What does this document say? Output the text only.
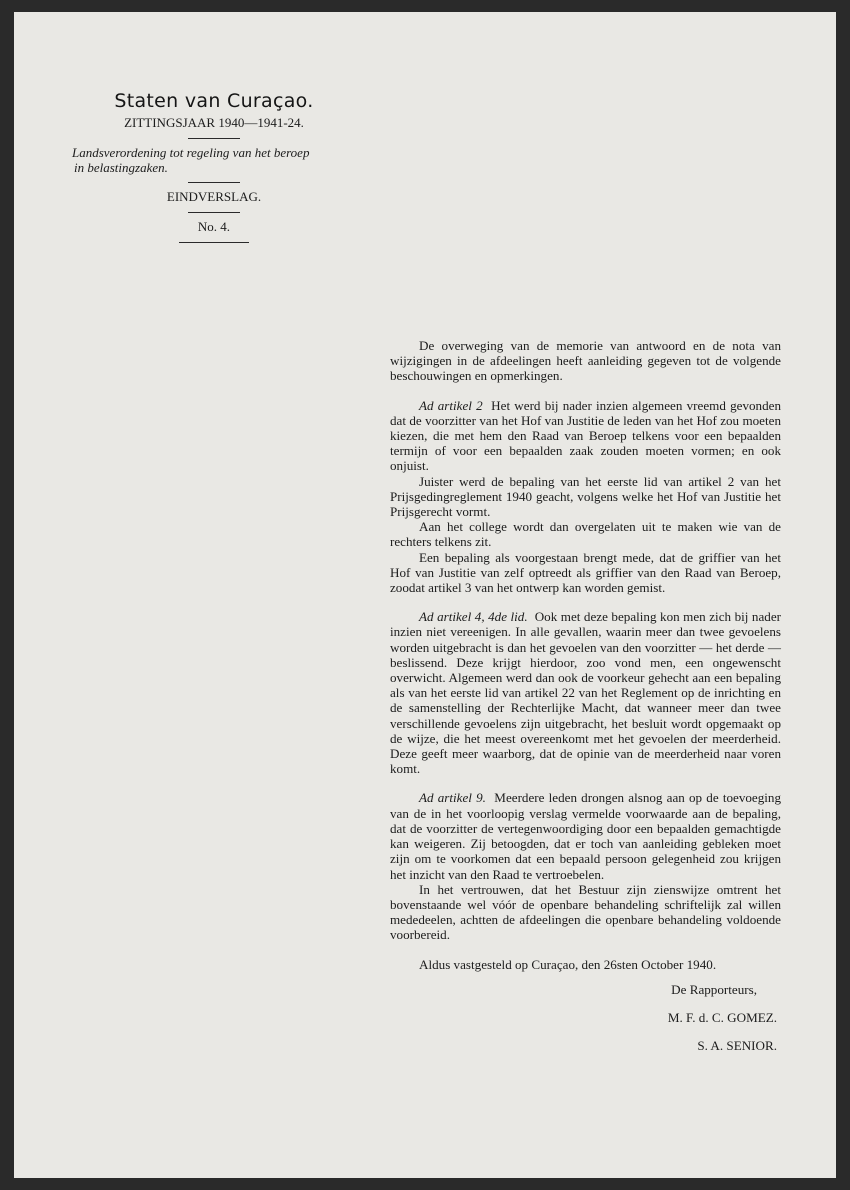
Staten van Curaçao.
ZITTINGSJAAR 1940—1941-24.
Landsverordening tot regeling van het beroep
in belastingzaken.
EINDVERSLAG.
No. 4.

De overweging van de memorie van antwoord en de nota van wijzigingen in de afdeelingen heeft aanleiding gegeven tot de volgende beschouwingen en opmerkingen.

Ad artikel 2 Het werd bij nader inzien algemeen vreemd gevonden dat de voorzitter van het Hof van Justitie de leden van het Hof zou moeten kiezen, die met hem den Raad van Beroep telkens voor een bepaalden termijn of voor een bepaalden zaak zouden moeten vormen; en ook onjuist.

Juister werd de bepaling van het eerste lid van artikel 2 van het Prijsgedingreglement 1940 geacht, volgens welke het Hof van Justitie het Prijsgerecht vormt.

Aan het college wordt dan overgelaten uit te maken wie van de rechters telkens zit.

Een bepaling als voorgestaan brengt mede, dat de griffier van het Hof van Justitie van zelf optreedt als griffier van den Raad van Beroep, zoodat artikel 3 van het ontwerp kan worden gemist.

Ad artikel 4, 4de lid. Ook met deze bepaling kon men zich bij nader inzien niet vereenigen. In alle gevallen, waarin meer dan twee gevoelens worden uitgebracht is dan het gevoelen van den voorzitter — het derde — beslissend. Deze krijgt hierdoor, zoo vond men, een ongewenscht overwicht. Algemeen werd dan ook de voorkeur gehecht aan een bepaling als van het eerste lid van artikel 22 van het Reglement op de inrichting en de samenstelling der Rechterlijke Macht, dat wanneer meer dan twee verschillende gevoelens zijn uitgebracht, het besluit wordt opgemaakt op de wijze, die het meest overeenkomt met het gevoelen der meerderheid. Deze geeft meer waarborg, dat de opinie van de meerderheid naar voren komt.

Ad artikel 9. Meerdere leden drongen alsnog aan op de toevoeging van de in het voorloopig verslag vermelde voorwaarde aan de bepaling, dat de voorzitter de vertegenwoordiging door een bepaalden gemachtigde kan weigeren. Zij betoogden, dat er toch van aanleiding gebleken moet zijn om te voorkomen dat een bepaald persoon gelegenheid zou krijgen het inzicht van den Raad te vertroebelen.

In het vertrouwen, dat het Bestuur zijn zienswijze omtrent het bovenstaande wel vóór de openbare behandeling schriftelijk zal willen mededeelen, achtten de afdeelingen die openbare behandeling voldoende voorbereid.

Aldus vastgesteld op Curaçao, den 26sten October 1940.
De Rapporteurs,
M. F. d. C. GOMEZ.
S. A. SENIOR.
